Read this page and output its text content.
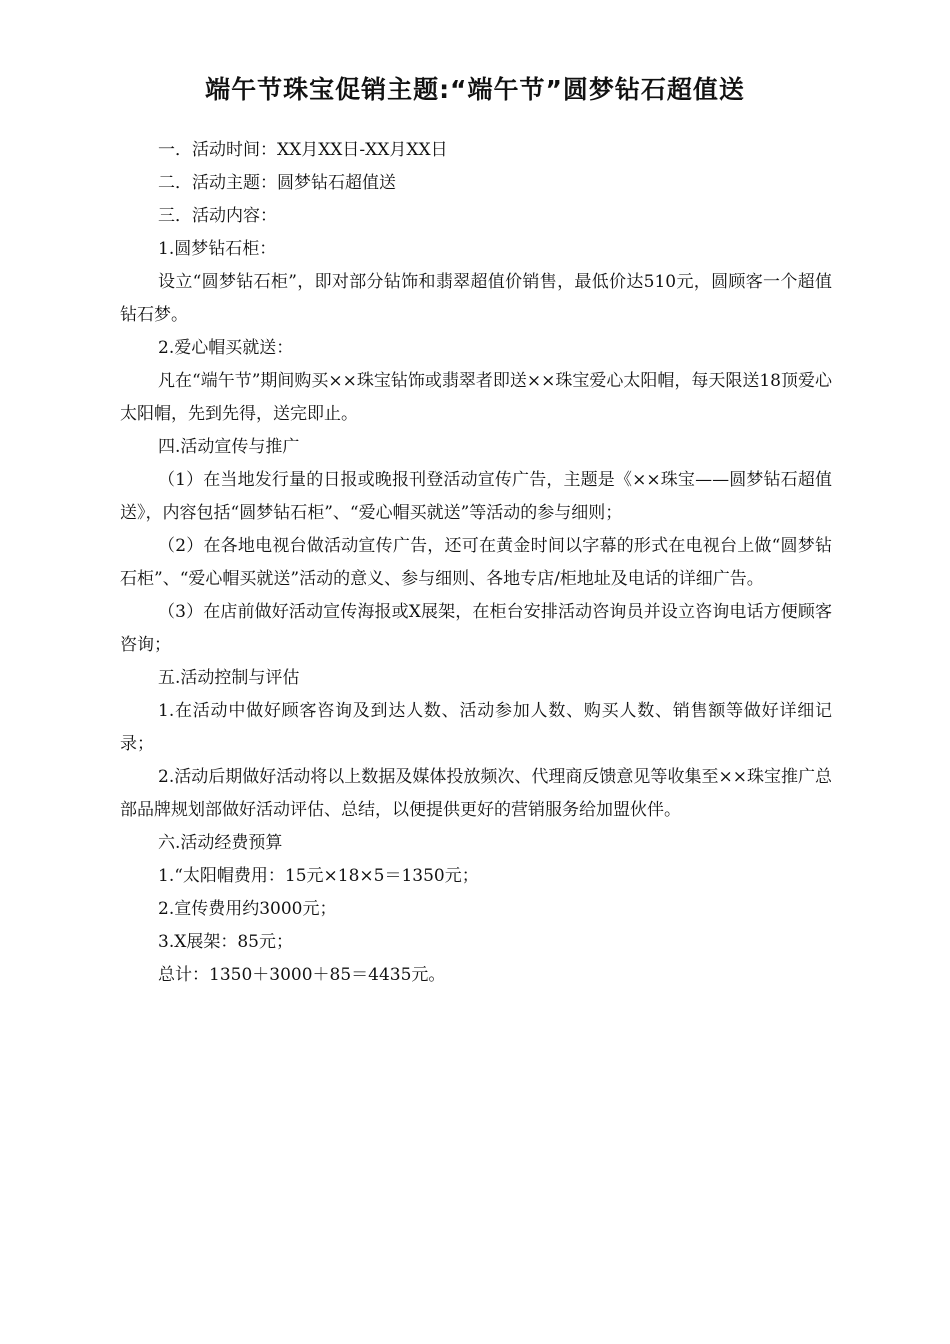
端午节珠宝促销主题:“端午节”圆梦钻石超值送

一．活动时间：XX月XX日-XX月XX日

二．活动主题：圆梦钻石超值送

三．活动内容：

1.圆梦钻石柜：

设立“圆梦钻石柜”，即对部分钻饰和翡翠超值价销售，最低价达510元，圆顾客一个超值钻石梦。

2.爱心帽买就送：

凡在“端午节”期间购买××珠宝钻饰或翡翠者即送××珠宝爱心太阳帽，每天限送18顶爱心太阳帽，先到先得，送完即止。

四.活动宣传与推广

（1）在当地发行量的日报或晚报刊登活动宣传广告，主题是《××珠宝——圆梦钻石超值送》，内容包括“圆梦钻石柜”、“爱心帽买就送”等活动的参与细则；

（2）在各地电视台做活动宣传广告，还可在黄金时间以字幕的形式在电视台上做“圆梦钻石柜”、“爱心帽买就送”活动的意义、参与细则、各地专店/柜地址及电话的详细广告。

（3）在店前做好活动宣传海报或X展架，在柜台安排活动咨询员并设立咨询电话方便顾客咨询；

五.活动控制与评估

1.在活动中做好顾客咨询及到达人数、活动参加人数、购买人数、销售额等做好详细记录；

2.活动后期做好活动将以上数据及媒体投放频次、代理商反馈意见等收集至××珠宝推广总部品牌规划部做好活动评估、总结，以便提供更好的营销服务给加盟伙伴。

六.活动经费预算

1.“太阳帽费用：15元×18×5＝1350元；

2.宣传费用约3000元；

3.X展架：85元；

总计：1350＋3000＋85＝4435元。
